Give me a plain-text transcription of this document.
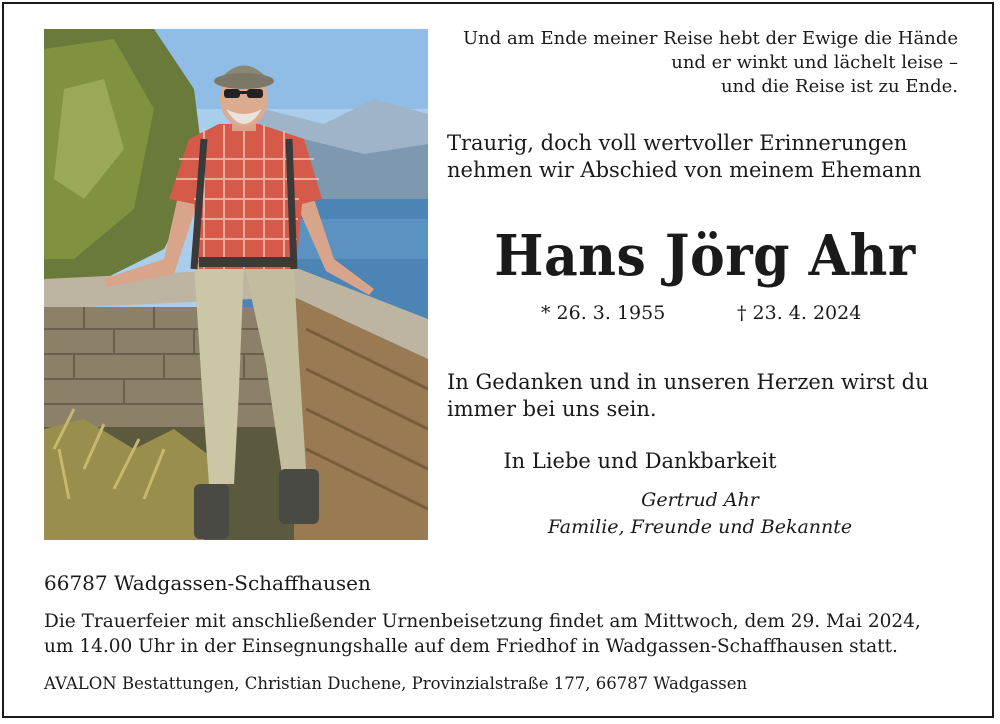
Und am Ende meiner Reise hebt der Ewige die Hände
und er winkt und lächelt leise –
und die Reise ist zu Ende.
Traurig, doch voll wertvoller Erinnerungen
nehmen wir Abschied von meinem Ehemann
Hans Jörg Ahr
* 26. 3. 1955	† 23. 4. 2024
In Gedanken und in unseren Herzen wirst du
immer bei uns sein.
In Liebe und Dankbarkeit
Gertrud Ahr
Familie, Freunde und Bekannte
66787 Wadgassen-Schaffhausen
Die Trauerfeier mit anschließender Urnenbeisetzung findet am Mittwoch, dem 29. Mai 2024,
um 14.00 Uhr in der Einsegnungshalle auf dem Friedhof in Wadgassen-Schaffhausen statt.
AVALON Bestattungen, Christian Duchene, Provinzialstraße 177, 66787 Wadgassen
